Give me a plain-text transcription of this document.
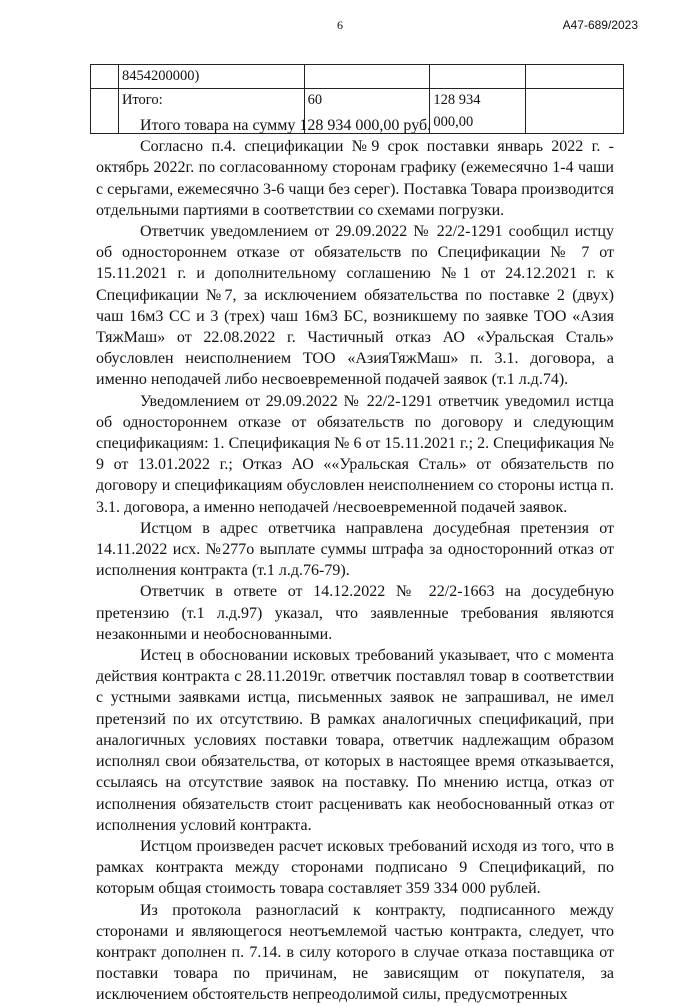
6	А47-689/2023
	8454200000)			
	Итого:	60	128 934 000,00	

Итого товара на сумму 128 934 000,00 руб.

Согласно п.4. спецификации №9 срок поставки январь 2022 г. - октябрь 2022г. по согласованному сторонам графику (ежемесячно 1-4 чаши с серьгами, ежемесячно 3-6 чащи без серег). Поставка Товара производится отдельными партиями в соответствии со схемами погрузки.

Ответчик уведомлением от 29.09.2022 № 22/2-1291 сообщил истцу об одностороннем отказе от обязательств по Спецификации № 7 от 15.11.2021 г. и дополнительному соглашению №1 от 24.12.2021 г. к Спецификации №7, за исключением обязательства по поставке 2 (двух) чаш 16м3 СС и 3 (трех) чаш 16м3 БС, возникшему по заявке ТОО «Азия ТяжМаш» от 22.08.2022 г. Частичный отказ АО «Уральская Сталь» обусловлен неисполнением ТОО «АзияТяжМаш» п. 3.1. договора, а именно неподачей либо несвоевременной подачей заявок (т.1 л.д.74).

Уведомлением от 29.09.2022 № 22/2-1291 ответчик уведомил истца об одностороннем отказе от обязательств по договору и следующим спецификациям: 1. Спецификация № 6 от 15.11.2021 г.; 2. Спецификация № 9 от 13.01.2022 г.; Отказ АО ««Уральская Сталь» от обязательств по договору и спецификациям обусловлен неисполнением со стороны истца п. 3.1. договора, а именно неподачей /несвоевременной подачей заявок.

Истцом в адрес ответчика направлена досудебная претензия от 14.11.2022 исх. №277о выплате суммы штрафа за односторонний отказ от исполнения контракта (т.1 л.д.76-79).

Ответчик в ответе от 14.12.2022 № 22/2-1663 на досудебную претензию (т.1 л.д.97) указал, что заявленные требования являются незаконными и необоснованными.

Истец в обосновании исковых требований указывает, что с момента действия контракта с 28.11.2019г. ответчик поставлял товар в соответствии с устными заявками истца, письменных заявок не запрашивал, не имел претензий по их отсутствию. В рамках аналогичных спецификаций, при аналогичных условиях поставки товара, ответчик надлежащим образом исполнял свои обязательства, от которых в настоящее время отказывается, ссылаясь на отсутствие заявок на поставку. По мнению истца, отказ от исполнения обязательств стоит расценивать как необоснованный отказ от исполнения условий контракта.

Истцом произведен расчет исковых требований исходя из того, что в рамках контракта между сторонами подписано 9 Спецификаций, по которым общая стоимость товара составляет 359 334 000 рублей.

Из протокола разногласий к контракту, подписанного между сторонами и являющегося неотъемлемой частью контракта, следует, что контракт дополнен п. 7.14. в силу которого в случае отказа поставщика от поставки товара по причинам, не зависящим от покупателя, за исключением обстоятельств непреодолимой силы, предусмотренных
